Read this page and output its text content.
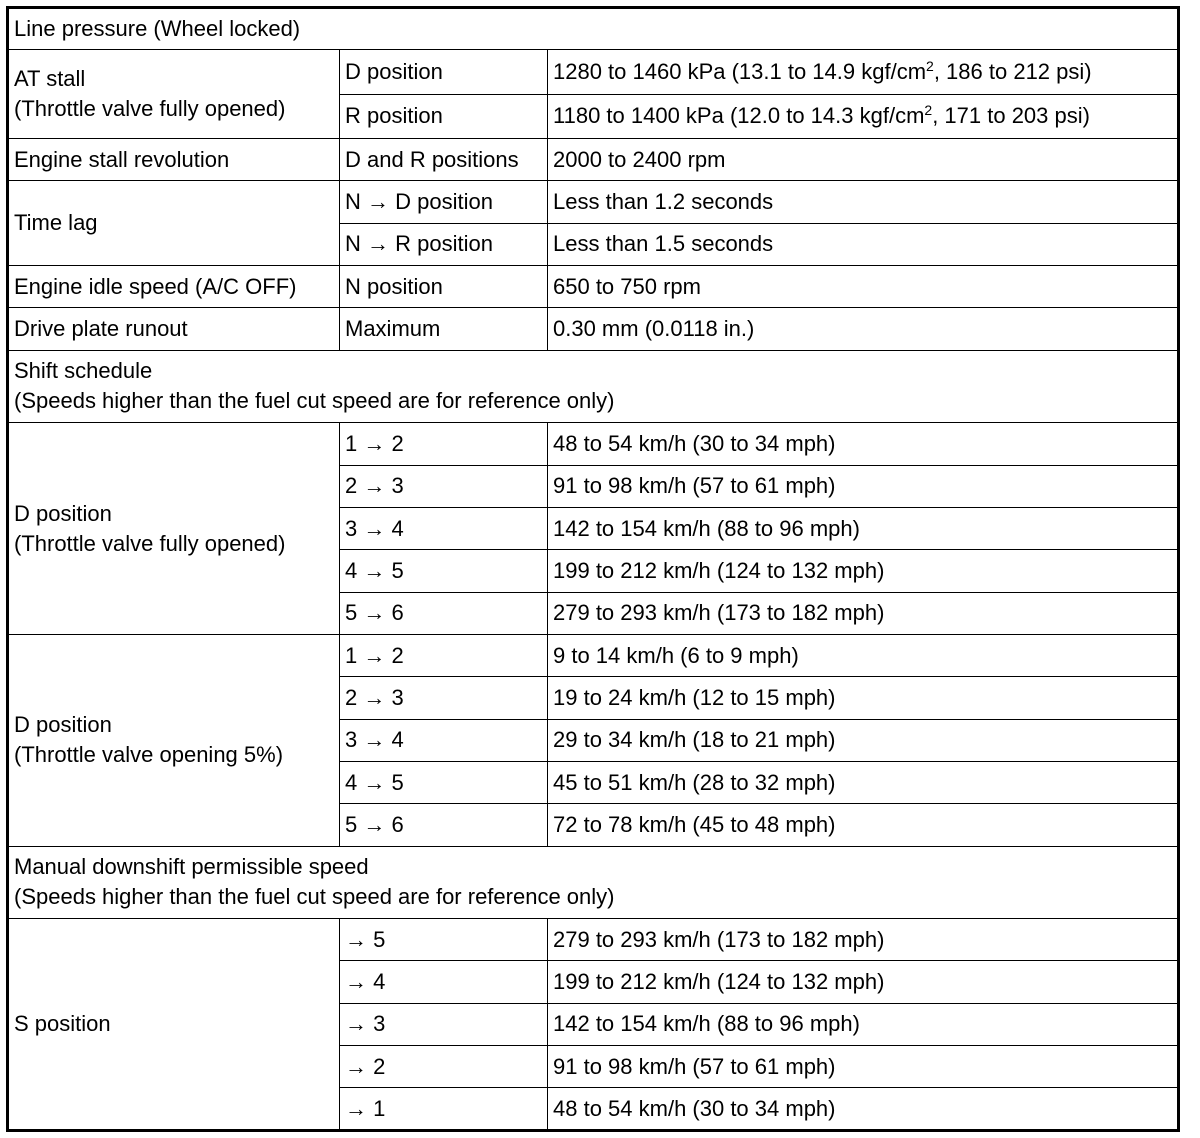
Line pressure (Wheel locked)		

AT stall
(Throttle valve fully opened)	D position	1280 to 1460 kPa (13.1 to 14.9 kgf/$cm^2$, 186 to 212 psi)
	R position	1180 to 1400 kPa (12.0 to 14.3 kgf/$cm^2$, 171 to 203 psi)
Engine stall revolution	D and R positions	2000 to 2400 rpm
Time lag	N → D position	Less than 1.2 seconds
	N → R position	Less than 1.5 seconds
Engine idle speed (A/C OFF)	N position	650 to 750 rpm
Drive plate runout	Maximum	0.30 mm (0.0118 in.)

Shift schedule
(Speeds higher than the fuel cut speed are for reference only)		

D position
(Throttle valve fully opened)	1 → 2	48 to 54 km/h (30 to 34 mph)
	2 → 3	91 to 98 km/h (57 to 61 mph)
	3 → 4	142 to 154 km/h (88 to 96 mph)
	4 → 5	199 to 212 km/h (124 to 132 mph)
	5 → 6	279 to 293 km/h (173 to 182 mph)

D position
(Throttle valve opening 5%)	1 → 2	9 to 14 km/h (6 to 9 mph)
	2 → 3	19 to 24 km/h (12 to 15 mph)
	3 → 4	29 to 34 km/h (18 to 21 mph)
	4 → 5	45 to 51 km/h (28 to 32 mph)
	5 → 6	72 to 78 km/h (45 to 48 mph)

Manual downshift permissible speed
(Speeds higher than the fuel cut speed are for reference only)		

S position	→ 5	279 to 293 km/h (173 to 182 mph)
	→ 4	199 to 212 km/h (124 to 132 mph)
	→ 3	142 to 154 km/h (88 to 96 mph)
	→ 2	91 to 98 km/h (57 to 61 mph)
	→ 1	48 to 54 km/h (30 to 34 mph)
